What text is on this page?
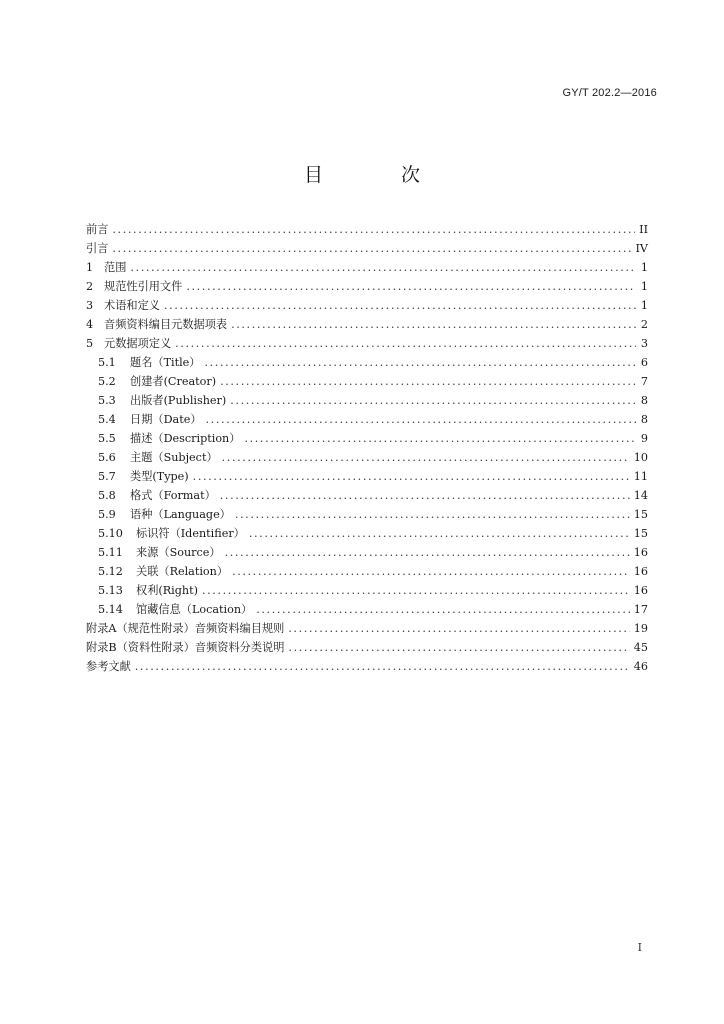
GY/T 202.2—2016
目 次
前言 .....	II
引言 .....	IV
1 范围 .....	1
2 规范性引用文件 .....	1
3 术语和定义 .....	1
4 音频资料编目元数据项表 .....	2
5 元数据项定义 .....	3
5.1	题名（Title） .....	6
5.2	创建者(Creator) .....	7
5.3	出版者(Publisher) .....	8
5.4	日期（Date） .....	8
5.5	描述（Description） .....	9
5.6	主题（Subject） .....	10
5.7	类型(Type) .....	11
5.8	格式（Format） .....	14
5.9	语种（Language） .....	15
5.10	标识符（Identifier） .....	15
5.11	来源（Source） .....	16
5.12	关联（Relation） .....	16
5.13	权利(Right) .....	16
5.14	馆藏信息（Location） .....	17
附录A（规范性附录）音频资料编目规则 .....	19
附录B（资料性附录）音频资料分类说明 .....	45
参考文献 .....	46
I
